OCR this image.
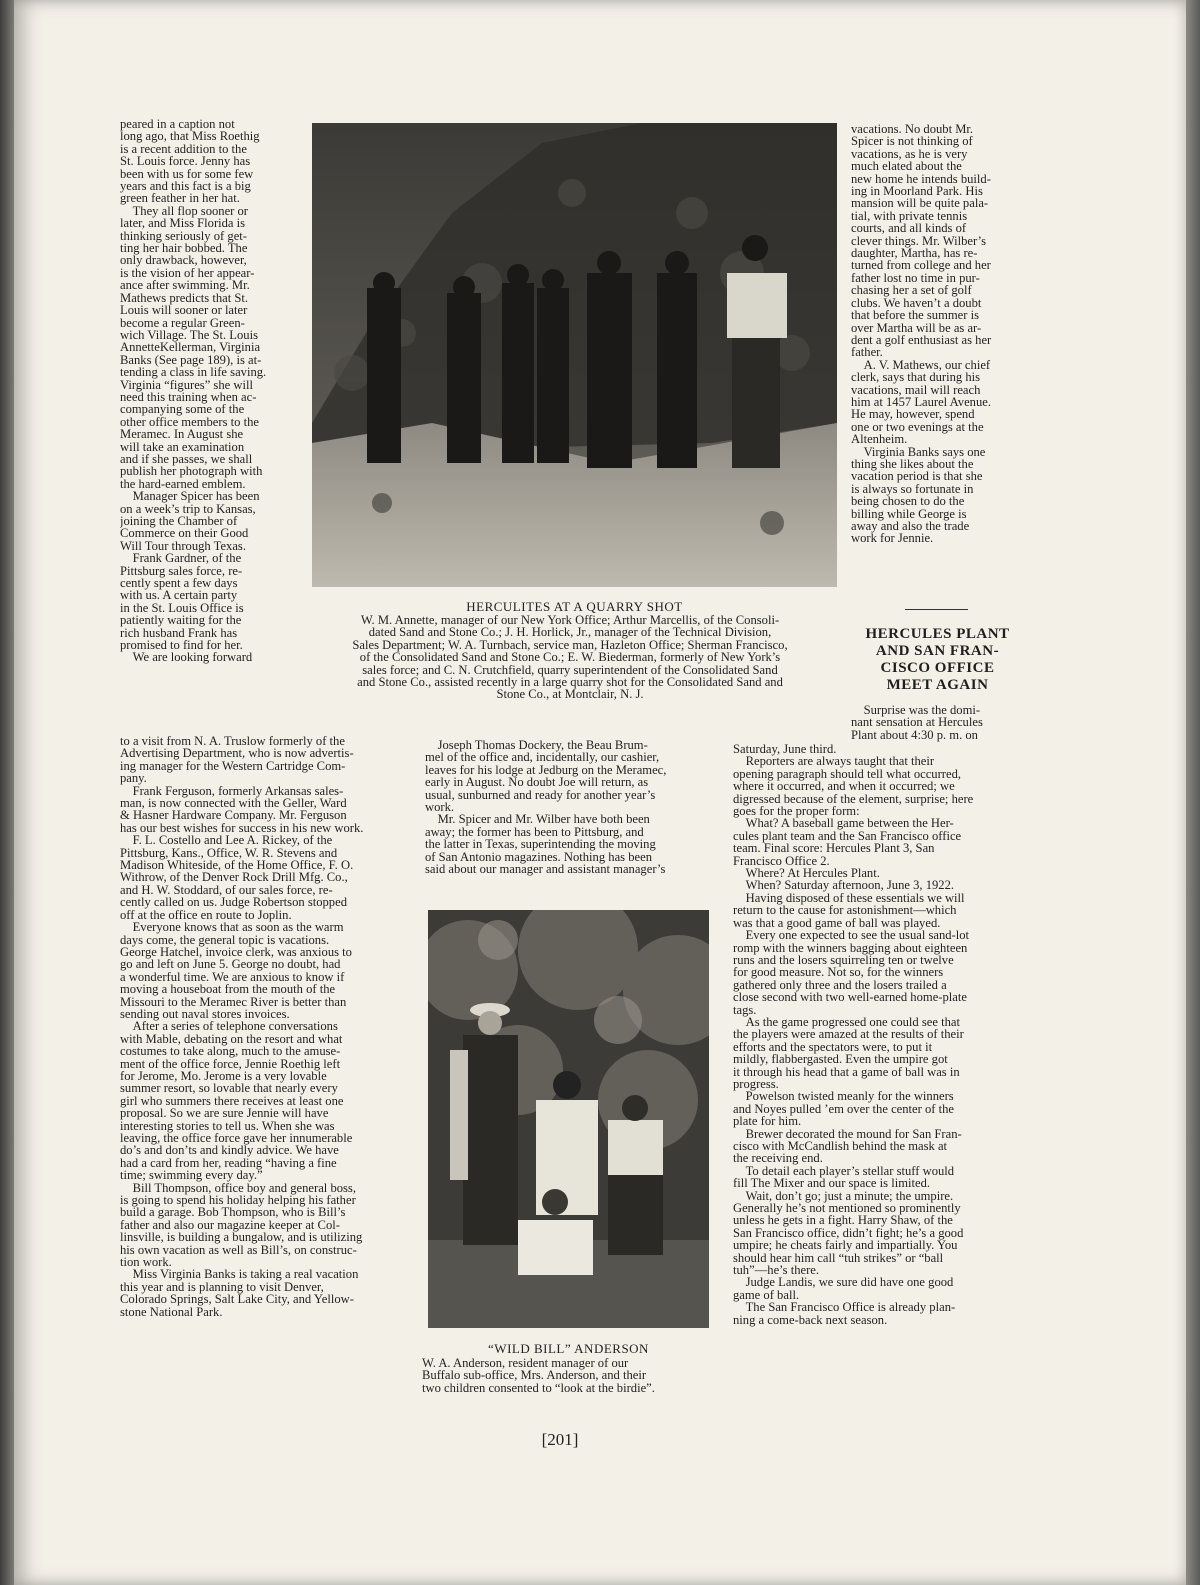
peared in a caption not
long ago, that Miss Roethig
is a recent addition to the
St. Louis force. Jenny has
been with us for some few
years and this fact is a big
green feather in her hat.
They all flop sooner or
later, and Miss Florida is
thinking seriously of get-
ting her hair bobbed. The
only drawback, however,
is the vision of her appear-
ance after swimming. Mr.
Mathews predicts that St.
Louis will sooner or later
become a regular Green-
wich Village. The St. Louis
AnnetteKellerman, Virginia
Banks (See page 189), is at-
tending a class in life saving.
Virginia “figures” she will
need this training when ac-
companying some of the
other office members to the
Meramec. In August she
will take an examination
and if she passes, we shall
publish her photograph with
the hard-earned emblem.
Manager Spicer has been
on a week’s trip to Kansas,
joining the Chamber of
Commerce on their Good
Will Tour through Texas.
Frank Gardner, of the
Pittsburg sales force, re-
cently spent a few days
with us. A certain party
in the St. Louis Office is
patiently waiting for the
rich husband Frank has
promised to find for her.
We are looking forward

to a visit from N. A. Truslow formerly of the
Advertising Department, who is now advertis-
ing manager for the Western Cartridge Com-
pany.
Frank Ferguson, formerly Arkansas sales-
man, is now connected with the Geller, Ward
& Hasner Hardware Company. Mr. Ferguson
has our best wishes for success in his new work.
F. L. Costello and Lee A. Rickey, of the
Pittsburg, Kans., Office, W. R. Stevens and
Madison Whiteside, of the Home Office, F. O.
Withrow, of the Denver Rock Drill Mfg. Co.,
and H. W. Stoddard, of our sales force, re-
cently called on us. Judge Robertson stopped
off at the office en route to Joplin.
Everyone knows that as soon as the warm
days come, the general topic is vacations.
George Hatchel, invoice clerk, was anxious to
go and left on June 5. George no doubt, had
a wonderful time. We are anxious to know if
moving a houseboat from the mouth of the
Missouri to the Meramec River is better than
sending out naval stores invoices.
After a series of telephone conversations
with Mable, debating on the resort and what
costumes to take along, much to the amuse-
ment of the office force, Jennie Roethig left
for Jerome, Mo. Jerome is a very lovable
summer resort, so lovable that nearly every
girl who summers there receives at least one
proposal. So we are sure Jennie will have
interesting stories to tell us. When she was
leaving, the office force gave her innumerable
do’s and don’ts and kindly advice. We have
had a card from her, reading “having a fine
time; swimming every day.”
Bill Thompson, office boy and general boss,
is going to spend his holiday helping his father
build a garage. Bob Thompson, who is Bill’s
father and also our magazine keeper at Col-
linsville, is building a bungalow, and is utilizing
his own vacation as well as Bill’s, on construc-
tion work.
Miss Virginia Banks is taking a real vacation
this year and is planning to visit Denver,
Colorado Springs, Salt Lake City, and Yellow-
stone National Park.

HERCULITES AT A QUARRY SHOT

W. M. Annette, manager of our New York Office; Arthur Marcellis, of the Consoli-
dated Sand and Stone Co.; J. H. Horlick, Jr., manager of the Technical Division,
Sales Department; W. A. Turnbach, service man, Hazleton Office; Sherman Francisco,
of the Consolidated Sand and Stone Co.; E. W. Biederman, formerly of New York’s
sales force; and C. N. Crutchfield, quarry superintendent of the Consolidated Sand
and Stone Co., assisted recently in a large quarry shot for the Consolidated Sand and
Stone Co., at Montclair, N. J.

Joseph Thomas Dockery, the Beau Brum-
mel of the office and, incidentally, our cashier,
leaves for his lodge at Jedburg on the Meramec,
early in August. No doubt Joe will return, as
usual, sunburned and ready for another year’s
work.
Mr. Spicer and Mr. Wilber have both been
away; the former has been to Pittsburg, and
the latter in Texas, superintending the moving
of San Antonio magazines. Nothing has been
said about our manager and assistant manager’s

“WILD BILL” ANDERSON

W. A. Anderson, resident manager of our
Buffalo sub-office, Mrs. Anderson, and their
two children consented to “look at the birdie”.

vacations. No doubt Mr.
Spicer is not thinking of
vacations, as he is very
much elated about the
new home he intends build-
ing in Moorland Park. His
mansion will be quite pala-
tial, with private tennis
courts, and all kinds of
clever things. Mr. Wilber’s
daughter, Martha, has re-
turned from college and her
father lost no time in pur-
chasing her a set of golf
clubs. We haven’t a doubt
that before the summer is
over Martha will be as ar-
dent a golf enthusiast as her
father.
A. V. Mathews, our chief
clerk, says that during his
vacations, mail will reach
him at 1457 Laurel Avenue.
He may, however, spend
one or two evenings at the
Altenheim.
Virginia Banks says one
thing she likes about the
vacation period is that she
is always so fortunate in
being chosen to do the
billing while George is
away and also the trade
work for Jennie.

HERCULES PLANT
AND SAN FRAN-
CISCO OFFICE
MEET AGAIN

Surprise was the domi-
nant sensation at Hercules
Plant about 4:30 p. m. on

Saturday, June third.
Reporters are always taught that their
opening paragraph should tell what occurred,
where it occurred, and when it occurred; we
digressed because of the element, surprise; here
goes for the proper form:
What? A baseball game between the Her-
cules plant team and the San Francisco office
team. Final score: Hercules Plant 3, San
Francisco Office 2.
Where? At Hercules Plant.
When? Saturday afternoon, June 3, 1922.
Having disposed of these essentials we will
return to the cause for astonishment—which
was that a good game of ball was played.
Every one expected to see the usual sand-lot
romp with the winners bagging about eighteen
runs and the losers squirreling ten or twelve
for good measure. Not so, for the winners
gathered only three and the losers trailed a
close second with two well-earned home-plate
tags.
As the game progressed one could see that
the players were amazed at the results of their
efforts and the spectators were, to put it
mildly, flabbergasted. Even the umpire got
it through his head that a game of ball was in
progress.
Powelson twisted meanly for the winners
and Noyes pulled ’em over the center of the
plate for him.
Brewer decorated the mound for San Fran-
cisco with McCandlish behind the mask at
the receiving end.
To detail each player’s stellar stuff would
fill The Mixer and our space is limited.
Wait, don’t go; just a minute; the umpire.
Generally he’s not mentioned so prominently
unless he gets in a fight. Harry Shaw, of the
San Francisco office, didn’t fight; he’s a good
umpire; he cheats fairly and impartially. You
should hear him call “tuh strikes” or “ball
tuh”—he’s there.
Judge Landis, we sure did have one good
game of ball.
The San Francisco Office is already plan-
ning a come-back next season.

[201]
